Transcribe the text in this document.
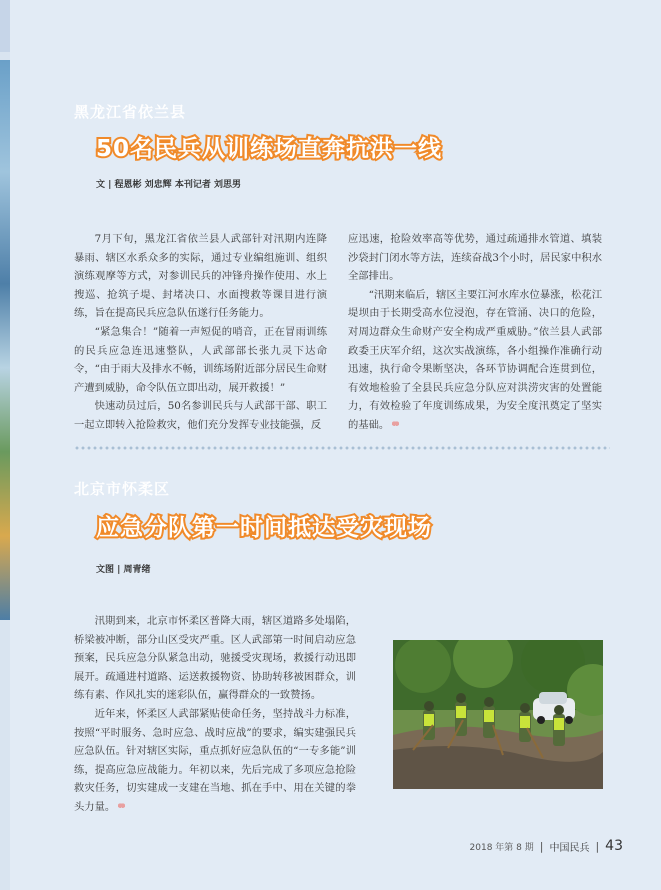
黑龙江省依兰县
50名民兵从训练场直奔抗洪一线
文 | 程恩彬 刘忠辉 本刊记者 刘思男

7月下旬，黑龙江省依兰县人武部针对汛期内连降暴雨、辖区水系众多的实际，通过专业编组施训、组织演练观摩等方式，对参训民兵的冲锋舟操作使用、水上搜巡、抢筑子堤、封堵决口、水面搜救等课目进行演练，旨在提高民兵应急队伍遂行任务能力。

“紧急集合！”随着一声短促的哨音，正在冒雨训练的民兵应急连迅速整队，人武部部长张九灵下达命令，“由于雨大及排水不畅，训练场附近部分居民生命财产遭到威胁，命令队伍立即出动，展开救援！”

快速动员过后，50名参训民兵与人武部干部、职工一起立即转入抢险救灾，他们充分发挥专业技能强，反

应迅速，抢险效率高等优势，通过疏通排水管道、填装沙袋封门闭水等方法，连续奋战3个小时，居民家中积水全部排出。

“汛期来临后，辖区主要江河水库水位暴涨，松花江堤坝由于长期受高水位浸泡，存在管涌、决口的危险，对周边群众生命财产安全构成严重威胁。”依兰县人武部政委王庆军介绍，这次实战演练，各小组操作准确行动迅速，执行命令果断坚决，各环节协调配合连贯到位，有效地检验了全县民兵应急分队应对洪涝灾害的处置能力，有效检验了年度训练成果，为安全度汛奠定了坚实的基础。

北京市怀柔区
应急分队第一时间抵达受灾现场
文图 | 周青绪

汛期到来，北京市怀柔区普降大雨，辖区道路多处塌陷，桥梁被冲断，部分山区受灾严重。区人武部第一时间启动应急预案，民兵应急分队紧急出动，驰援受灾现场，救援行动迅即展开。疏通进村道路、运送救援物资、协助转移被困群众，训练有素、作风扎实的迷彩队伍，赢得群众的一致赞扬。

近年来，怀柔区人武部紧贴使命任务，坚持战斗力标准，按照“平时服务、急时应急、战时应战”的要求，编实建强民兵应急队伍。针对辖区实际，重点抓好应急队伍的“一专多能”训练，提高应急应战能力。年初以来，先后完成了多项应急抢险救灾任务，切实建成一支建在当地、抓在手中、用在关键的拳头力量。

2018 年第 8 期 | 中国民兵 | 43
